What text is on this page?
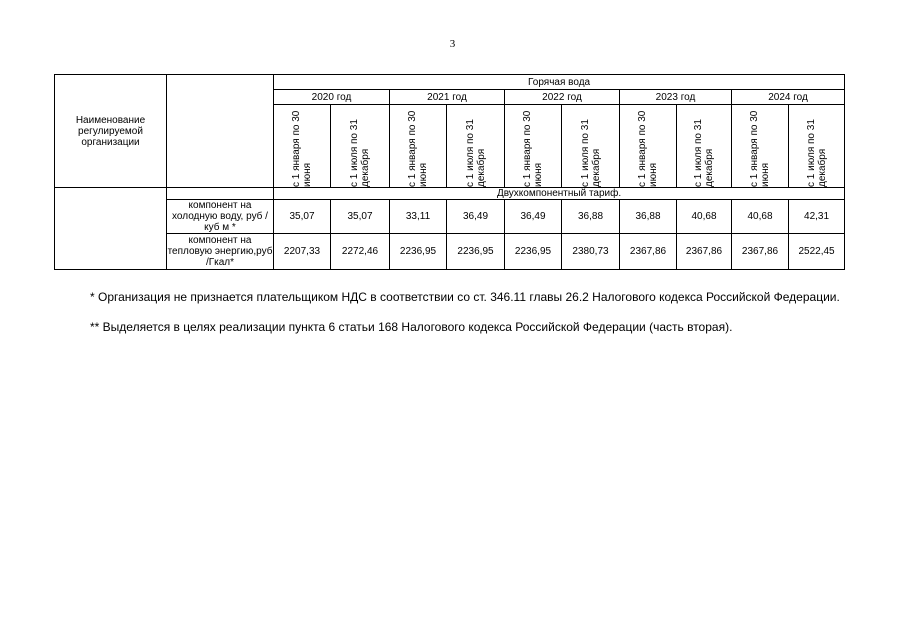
3
Наименование регулируемой организации		Горячая вода									
		2020 год		2021 год		2022 год		2023 год		2024 год	

		с 1 января по 30 июня	с 1 июля по 31 декабря	с 1 января по 30 июня	с 1 июля по 31 декабря	с 1 января по 30 июня	с 1 июля по 31 декабря	с 1 января по 30 июня	с 1 июля по 31 декабря	с 1 января по 30 июня	с 1 июля по 31 декабря

		Двухкомпонентный тариф.									
	компонент на холодную воду, руб /куб м *	35,07	35,07	33,11	36,49	36,49	36,88	36,88	40,68	40,68	42,31
	компонент на тепловую энергию,руб /Гкал*	2207,33	2272,46	2236,95	2236,95	2236,95	2380,73	2367,86	2367,86	2367,86	2522,45

* Организация не признается плательщиком НДС в соответствии со ст. 346.11 главы 26.2 Налогового кодекса Российской Федерации.

** Выделяется в целях реализации пункта 6 статьи 168 Налогового кодекса Российской Федерации (часть вторая).
